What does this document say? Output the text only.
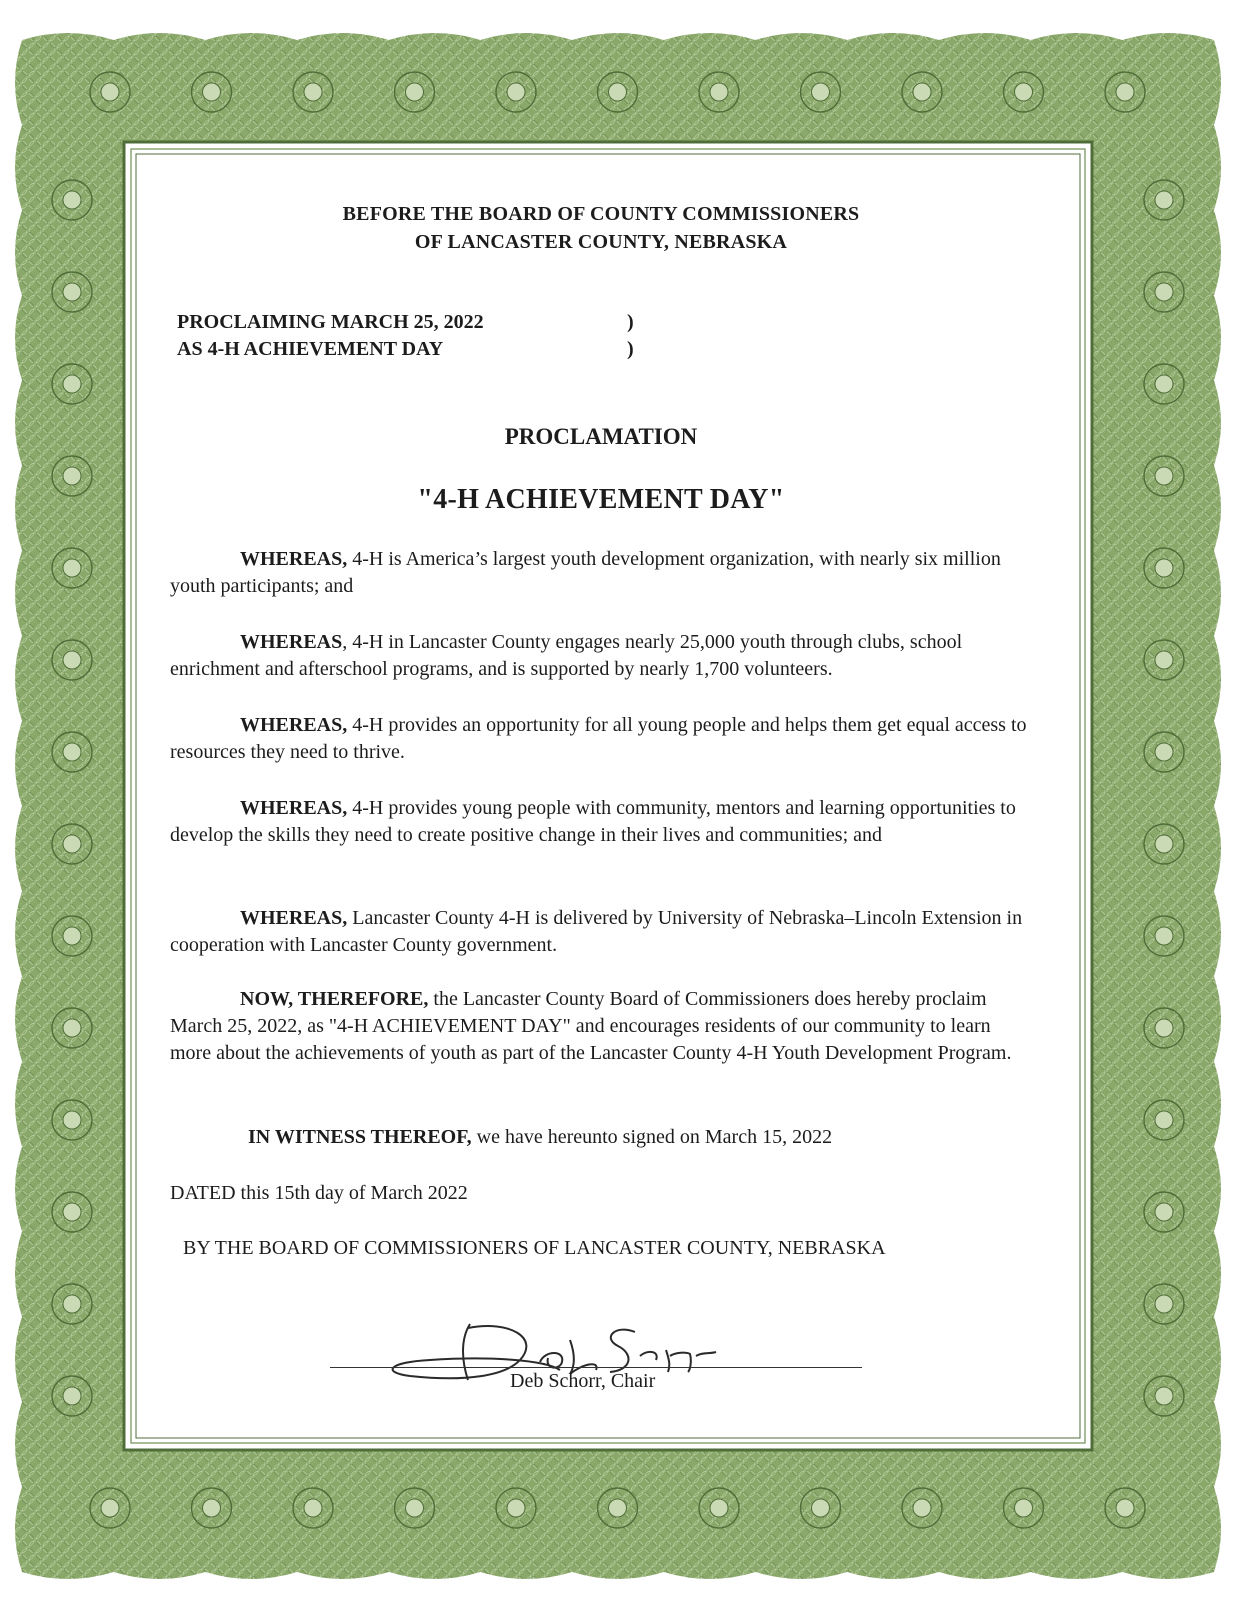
BEFORE THE BOARD OF COUNTY COMMISSIONERS
OF LANCASTER COUNTY, NEBRASKA
PROCLAIMING MARCH 25, 2022	)
AS 4-H ACHIEVEMENT DAY	)
PROCLAMATION
"4-H ACHIEVEMENT DAY"
WHEREAS, 4-H is America’s largest youth development organization, with nearly six million youth participants; and
WHEREAS, 4-H in Lancaster County engages nearly 25,000 youth through clubs, school enrichment and afterschool programs, and is supported by nearly 1,700 volunteers.
WHEREAS, 4-H provides an opportunity for all young people and helps them get equal access to resources they need to thrive.
WHEREAS, 4-H provides young people with community, mentors and learning opportunities to develop the skills they need to create positive change in their lives and communities; and
WHEREAS, Lancaster County 4-H is delivered by University of Nebraska–Lincoln Extension in cooperation with Lancaster County government.
NOW, THEREFORE, the Lancaster County Board of Commissioners does hereby proclaim March 25, 2022, as "4-H ACHIEVEMENT DAY" and encourages residents of our community to learn more about the achievements of youth as part of the Lancaster County 4-H Youth Development Program.
IN WITNESS THEREOF, we have hereunto signed on March 15, 2022
DATED this 15th day of March 2022
BY THE BOARD OF COMMISSIONERS OF LANCASTER COUNTY, NEBRASKA
Deb Schorr, Chair
